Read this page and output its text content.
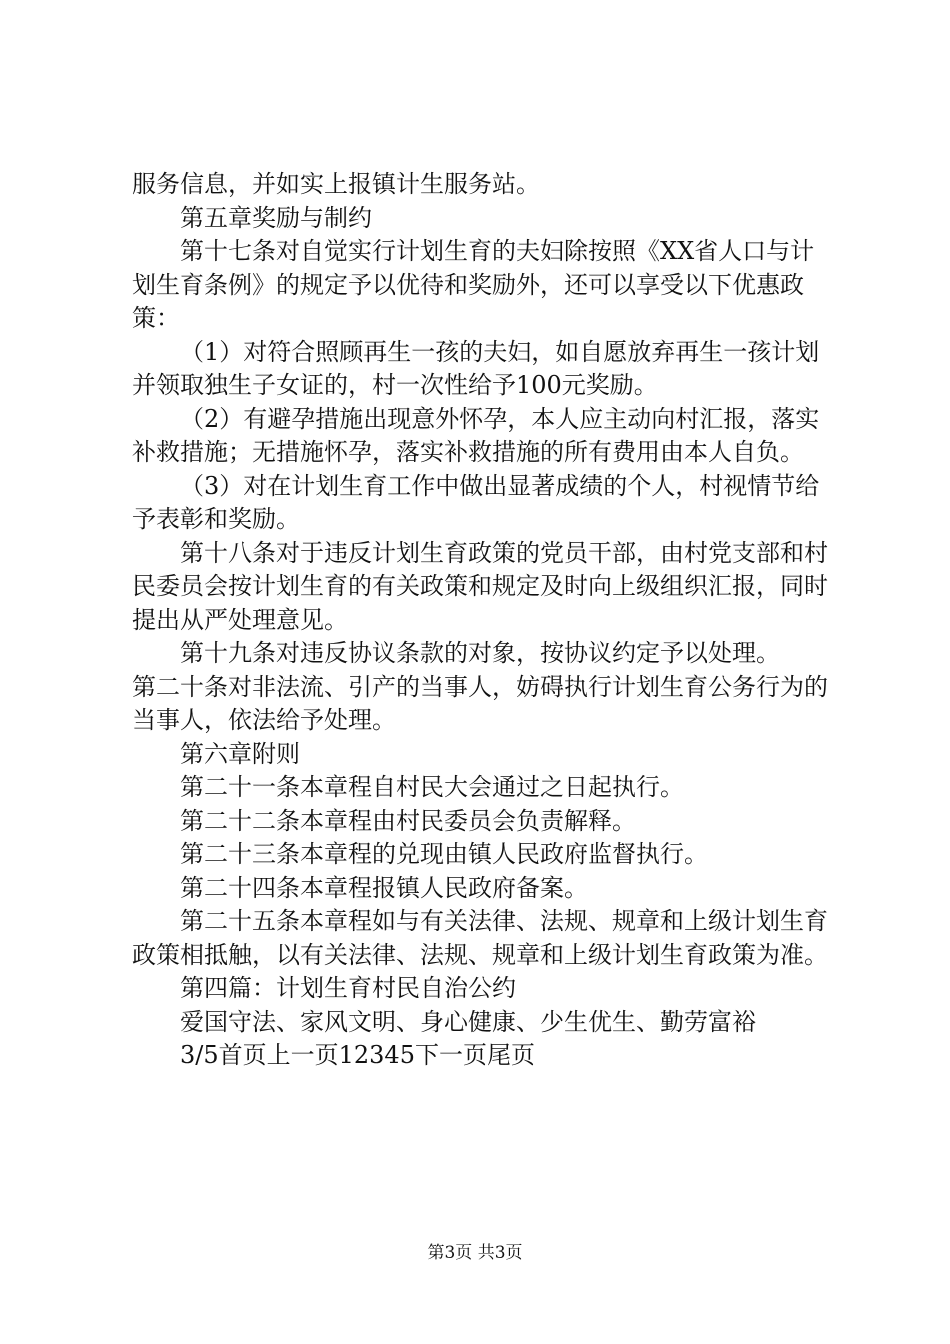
服务信息，并如实上报镇计生服务站。

第五章奖励与制约

第十七条对自觉实行计划生育的夫妇除按照《XX省人口与计划生育条例》的规定予以优待和奖励外，还可以享受以下优惠政策：

（1）对符合照顾再生一孩的夫妇，如自愿放弃再生一孩计划并领取独生子女证的，村一次性给予100元奖励。

（2）有避孕措施出现意外怀孕，本人应主动向村汇报，落实补救措施；无措施怀孕，落实补救措施的所有费用由本人自负。

（3）对在计划生育工作中做出显著成绩的个人，村视情节给予表彰和奖励。

第十八条对于违反计划生育政策的党员干部，由村党支部和村民委员会按计划生育的有关政策和规定及时向上级组织汇报，同时提出从严处理意见。

第十九条对违反协议条款的对象，按协议约定予以处理。

第二十条对非法流、引产的当事人，妨碍执行计划生育公务行为的当事人，依法给予处理。

第六章附则

第二十一条本章程自村民大会通过之日起执行。

第二十二条本章程由村民委员会负责解释。

第二十三条本章程的兑现由镇人民政府监督执行。

第二十四条本章程报镇人民政府备案。

第二十五条本章程如与有关法律、法规、规章和上级计划生育政策相抵触，以有关法律、法规、规章和上级计划生育政策为准。

第四篇：计划生育村民自治公约

爱国守法、家风文明、身心健康、少生优生、勤劳富裕

3/5首页上一页12345下一页尾页

第3页 共3页
